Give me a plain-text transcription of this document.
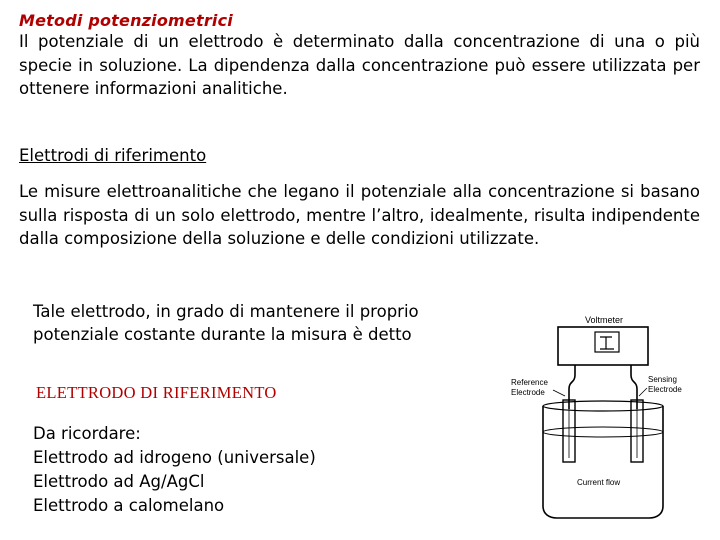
Metodi potenziometrici
Il potenziale di un elettrodo è determinato dalla concentrazione di una o più specie in soluzione. La dipendenza dalla concentrazione può essere utilizzata per ottenere informazioni analitiche.
Elettrodi di riferimento
Le misure elettroanalitiche che legano il potenziale alla concentrazione si basano sulla risposta di un solo elettrodo, mentre l’altro, idealmente, risulta indipendente dalla composizione della soluzione e delle condizioni utilizzate.
Tale elettrodo, in grado di mantenere il proprio potenziale costante durante la misura è detto
ELETTRODO DI RIFERIMENTO
Da ricordare:
Elettrodo ad idrogeno (universale)
Elettrodo ad Ag/AgCl
Elettrodo a calomelano
Voltmeter
Reference
Electrode
Sensing
Electrode
Current flow
